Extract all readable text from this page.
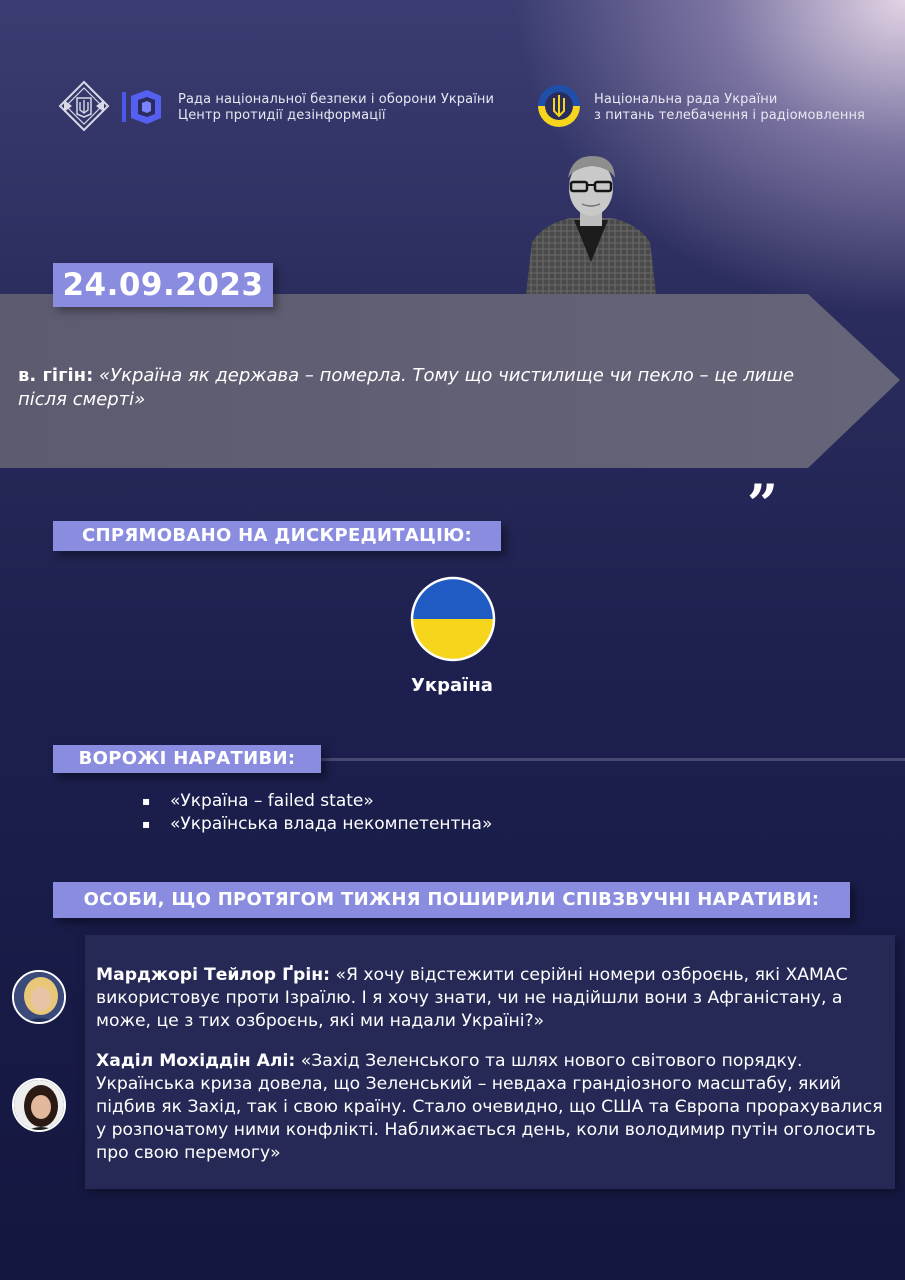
Рада національної безпеки і оборони України
Центр протидії дезінформації
Національна рада України
з питань телебачення і радіомовлення
24.09.2023
в. гігін: «Україна як держава – померла. Тому що чистилище чи пекло – це лише після смерті»
„
СПРЯМОВАНО НА ДИСКРЕДИТАЦІЮ:
Україна
ВОРОЖІ НАРАТИВИ:
▪ «Україна – failed state»
▪ «Українська влада некомпетентна»
ОСОБИ, ЩО ПРОТЯГОМ ТИЖНЯ ПОШИРИЛИ СПІВЗВУЧНІ НАРАТИВИ:
Марджорі Тейлор Ґрін: «Я хочу відстежити серійні номери озброєнь, які ХАМАС використовує проти Ізраїлю. І я хочу знати, чи не надійшли вони з Афганістану, а може, це з тих озброєнь, які ми надали Україні?»
Хаділ Мохіддін Алі: «Захід Зеленського та шлях нового світового порядку. Українська криза довела, що Зеленський – невдаха грандіозного масштабу, який підбив як Захід, так і свою країну. Стало очевидно, що США та Європа прорахувалися у розпочатому ними конфлікті. Наближається день, коли володимир путін оголосить про свою перемогу»
